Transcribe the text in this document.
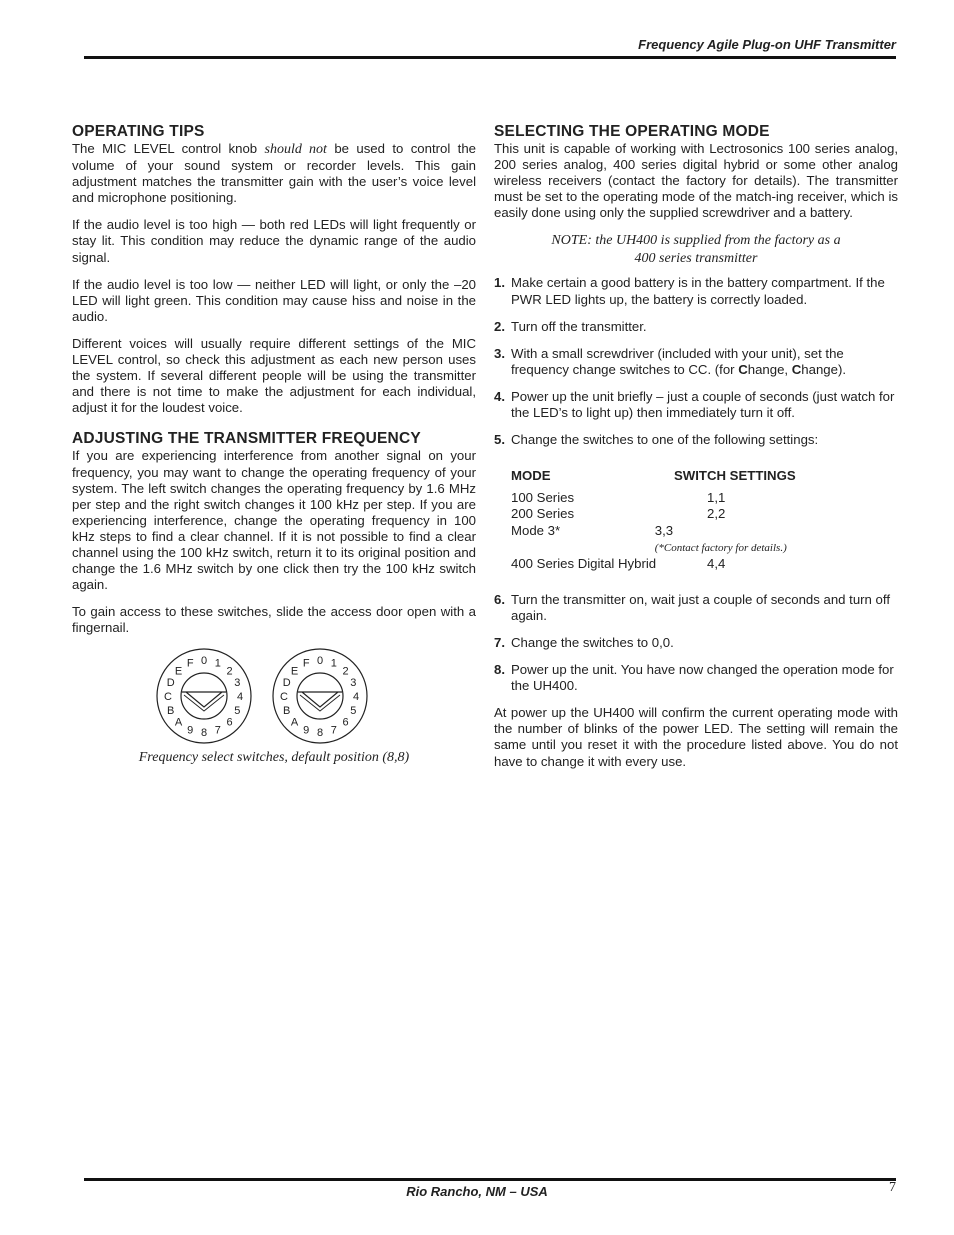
Frequency Agile Plug-on UHF Transmitter
OPERATING TIPS

The MIC LEVEL control knob should not be used to control the volume of your sound system or recorder levels. This gain adjustment matches the transmitter gain with the user’s voice level and microphone positioning.

If the audio level is too high — both red LEDs will light frequently or stay lit. This condition may reduce the dynamic range of the audio signal.

If the audio level is too low — neither LED will light, or only the –20 LED will light green. This condition may cause hiss and noise in the audio.

Different voices will usually require different settings of the MIC LEVEL control, so check this adjustment as each new person uses the system. If several different people will be using the transmitter and there is not time to make the adjustment for each individual, adjust it for the loudest voice.

ADJUSTING THE TRANSMITTER FREQUENCY

If you are experiencing interference from another signal on your frequency, you may want to change the operating frequency of your system. The left switch changes the operating frequency by 1.6 MHz per step and the right switch changes it 100 kHz per step. If you are experiencing interference, change the operating frequency in 100 kHz steps to find a clear channel. If it is not possible to find a clear channel using the 100 kHz switch, return it to its original position and change the 1.6 MHz switch by one click then try the 100 kHz switch again.

To gain access to these switches, slide the access door open with a fingernail.

0 1
2
3
4
5
6
7
8
9
A
B
C
D
E
F	0 1
2
3
4
5
6
7
8
9
A
B
C
D
E
F
Frequency select switches, default position (8,8)
SELECTING THE OPERATING MODE

This unit is capable of working with Lectrosonics 100 series analog, 200 series analog, 400 series digital hybrid or some other analog wireless receivers (contact the factory for details). The transmitter must be set to the operating mode of the match-ing receiver, which is easily done using only the supplied screwdriver and a battery.

NOTE: the UH400 is supplied from the factory as a
400 series transmitter
1. Make certain a good battery is in the battery compartment. If the PWR LED lights up, the battery is correctly loaded.
2. Turn off the transmitter.
3. With a small screwdriver (included with your unit), set the frequency change switches to CC. (for Change, Change).
4. Power up the unit briefly – just a couple of seconds (just watch for the LED’s to light up) then immediately turn it off.
5. Change the switches to one of the following settings:
MODE	SWITCH SETTINGS
100 Series	1,1
200 Series	2,2
Mode 3*	3,3 (*Contact factory for details.)
400 Series Digital Hybrid	4,4
6. Turn the transmitter on, wait just a couple of seconds and turn off again.
7. Change the switches to 0,0.
8. Power up the unit. You have now changed the operation mode for the UH400.

At power up the UH400 will confirm the current operating mode with the number of blinks of the power LED. The setting will remain the same until you reset it with the procedure listed above. You do not have to change it with every use.

Rio Rancho, NM – USA	7
